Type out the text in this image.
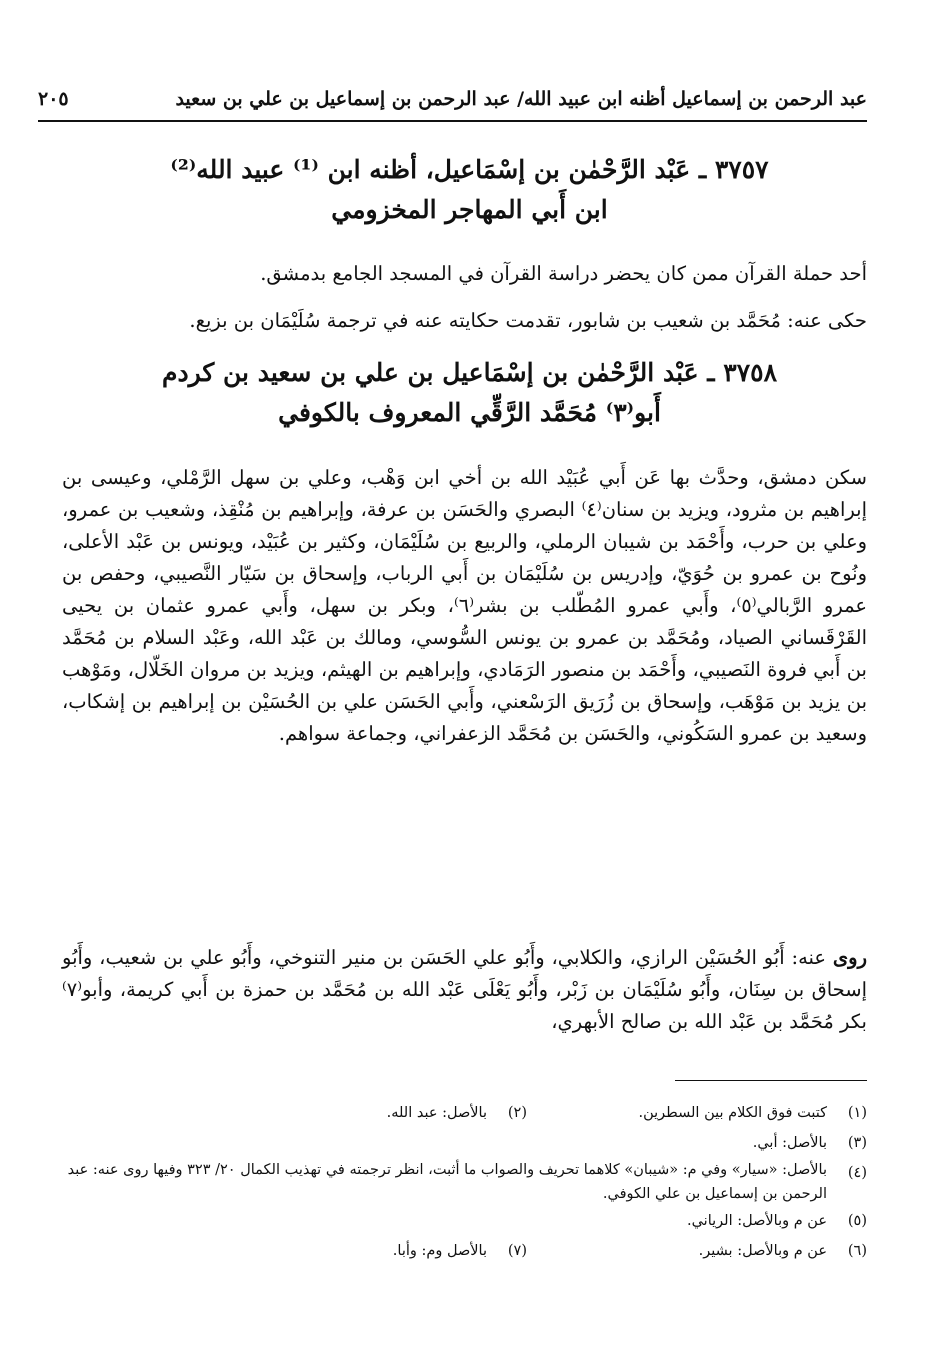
عبد الرحمن بن إسماعيل أظنه ابن عبيد الله/ عبد الرحمن بن إسماعيل بن علي بن سعيد
٢٠٥
٣٧٥٧ ـ عَبْد الرَّحْمٰن بن إسْمَاعيل، أظنه ابن ⁽¹⁾ عبيد الله⁽²⁾
ابن أَبي المهاجر المخزومي
أحد حملة القرآن ممن كان يحضر دراسة القرآن في المسجد الجامع بدمشق.
حكى عنه: مُحَمَّد بن شعيب بن شابور، تقدمت حكايته عنه في ترجمة سُلَيْمَان بن بزيع.
٣٧٥٨ ـ عَبْد الرَّحْمٰن بن إسْمَاعيل بن علي بن سعيد بن كردم
أَبو⁽٣⁾ مُحَمَّد الرَّقِّي المعروف بالكوفي

سكن دمشق، وحدَّث بها عَن أَبي عُبَيْد الله بن أخي ابن وَهْب، وعلي بن سهل الرَّمْلي، وعيسى بن إبراهيم بن مثرود، ويزيد بن سنان⁽٤⁾ البصري والحَسَن بن عرفة، وإبراهيم بن مُنْقِذ، وشعيب بن عمرو، وعلي بن حرب، وأَحْمَد بن شيبان الرملي، والربيع بن سُلَيْمَان، وكثير بن عُبَيْد، ويونس بن عَبْد الأعلى، ونُوح بن عمرو بن حُوَيّ، وإدريس بن سُلَيْمَان بن أَبي الرباب، وإسحاق بن سَيّار النَّصيبي، وحفص بن عمرو الرَّبالي⁽٥⁾، وأَبي عمرو المُطّلب بن بشر⁽٦⁾، وبكر بن سهل، وأَبي عمرو عثمان بن يحيى القَرْقَساني الصياد، ومُحَمَّد بن عمرو بن يونس السُّوسي، ومالك بن عَبْد الله، وعَبْد السلام بن مُحَمَّد بن أَبي فروة النَصيبي، وأَحْمَد بن منصور الرَمَادي، وإبراهيم بن الهيثم، ويزيد بن مروان الخَلّال، ومَوْهب بن يزيد بن مَوْهَب، وإسحاق بن زُرَيق الرَسْعني، وأَبي الحَسَن علي بن الحُسَيْن بن إبراهيم بن إشكاب، وسعيد بن عمرو السَكُوني، والحَسَن بن مُحَمَّد الزعفراني، وجماعة سواهم.

روى عنه: أَبُو الحُسَيْن الرازي، والكلابي، وأَبُو علي الحَسَن بن منير التنوخي، وأَبُو علي بن شعيب، وأَبُو إسحاق بن سِنَان، وأَبُو سُلَيْمَان بن زَبْر، وأَبُو يَعْلَى عَبْد الله بن مُحَمَّد بن حمزة بن أَبي كريمة، وأبو⁽٧⁾ بكر مُحَمَّد بن عَبْد الله بن صالح الأبهري،

(١)كتبت فوق الكلام بين السطرين.
(٢)بالأصل: عبد الله.
(٣)بالأصل: أبي.
(٤)بالأصل: «سيار» وفي م: «شيبان» كلاهما تحريف والصواب ما أثبت، انظر ترجمته في تهذيب الكمال ٢٠/ ٣٢٣ وفيها روى عنه: عبد الرحمن بن إسماعيل بن علي الكوفي.
(٥)عن م وبالأصل: الرياني.
(٦)عن م وبالأصل: بشير.
(٧)بالأصل وم: وأبا.
